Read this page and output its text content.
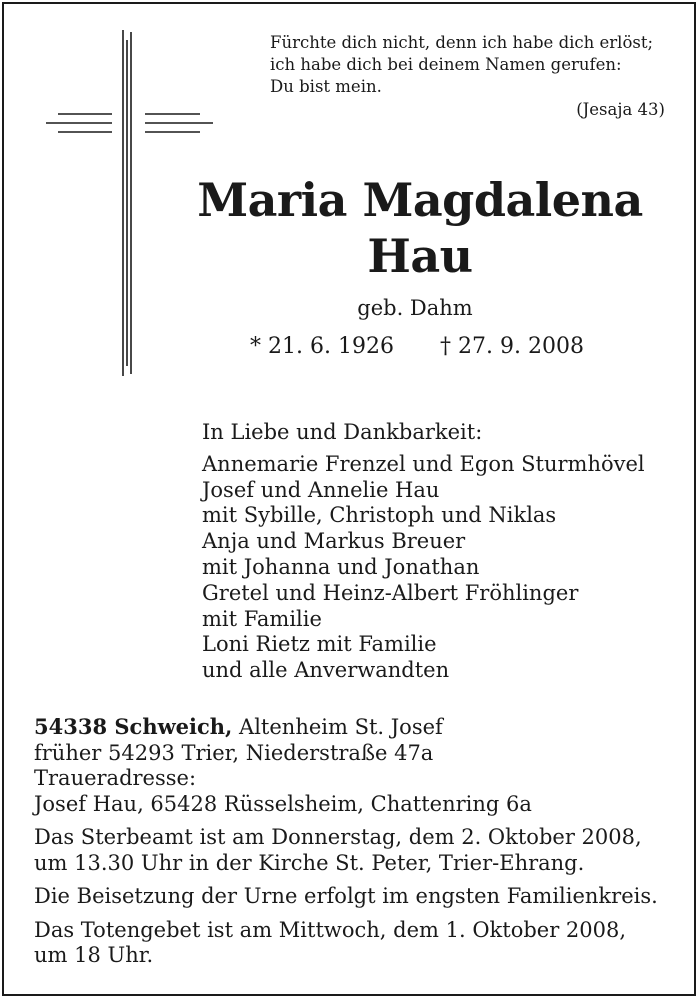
Fürchte dich nicht, denn ich habe dich erlöst;
ich habe dich bei deinem Namen gerufen:
Du bist mein.
(Jesaja 43)
Maria Magdalena
Hau
geb. Dahm
* 21. 6. 1926 † 27. 9. 2008
In Liebe und Dankbarkeit:
Annemarie Frenzel und Egon Sturmhövel
Josef und Annelie Hau
mit Sybille, Christoph und Niklas
Anja und Markus Breuer
mit Johanna und Jonathan
Gretel und Heinz-Albert Fröhlinger
mit Familie
Loni Rietz mit Familie
und alle Anverwandten
54338 Schweich, Altenheim St. Josef
früher 54293 Trier, Niederstraße 47a
Traueradresse:
Josef Hau, 65428 Rüsselsheim, Chattenring 6a
Das Sterbeamt ist am Donnerstag, dem 2. Oktober 2008,
um 13.30 Uhr in der Kirche St. Peter, Trier-Ehrang.
Die Beisetzung der Urne erfolgt im engsten Familienkreis.
Das Totengebet ist am Mittwoch, dem 1. Oktober 2008,
um 18 Uhr.
